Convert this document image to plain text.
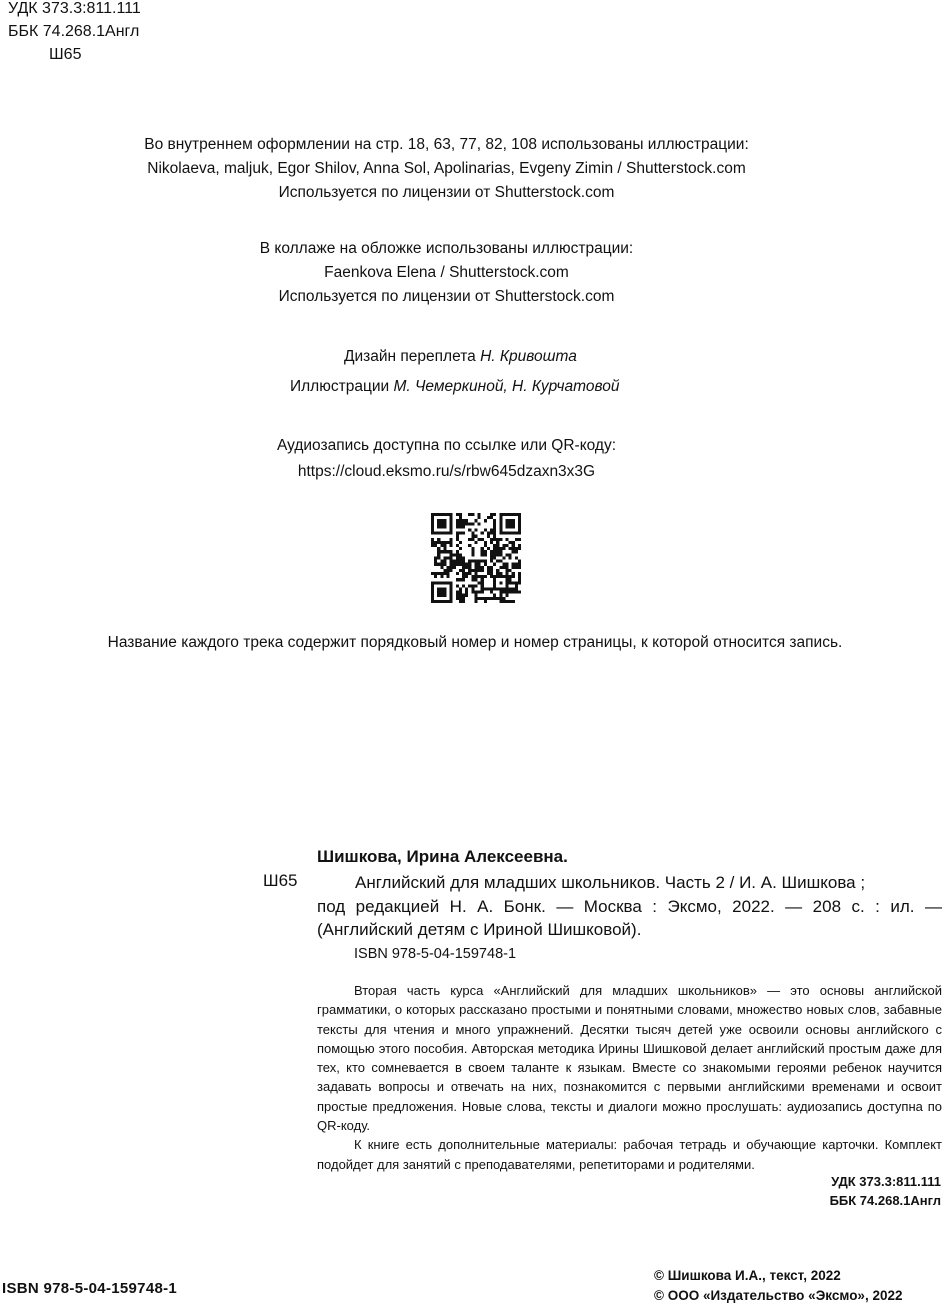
УДК 373.3:811.111
ББК 74.268.1Англ
Ш65
Во внутреннем оформлении на стр. 18, 63, 77, 82, 108 использованы иллюстрации:
Nikolaeva, maljuk, Egor Shilov, Anna Sol, Apolinarias, Evgeny Zimin / Shutterstock.com
Используется по лицензии от Shutterstock.com
В коллаже на обложке использованы иллюстрации:
Faenkova Elena / Shutterstock.com
Используется по лицензии от Shutterstock.com
Дизайн переплета Н. Кривошта
Иллюстрации М. Чемеркиной, Н. Курчатовой
Аудиозапись доступна по ссылке или QR-коду:
https://cloud.eksmo.ru/s/rbw645dzaxn3x3G
Название каждого трека содержит порядковый номер и номер страницы, к которой относится запись.
Шишкова, Ирина Алексеевна.
Ш65	Английский для младших школьников. Часть 2 / И. А. Шишкова ;
под редакцией Н. А. Бонк. — Москва : Эксмо, 2022. — 208 с. : ил. — (Английский детям с Ириной Шишковой).
ISBN 978-5-04-159748-1

Вторая часть курса «Английский для младших школьников» — это основы английской грамматики, о которых рассказано простыми и понятными словами, множество новых слов, забавные тексты для чтения и много упражнений. Десятки тысяч детей уже освоили основы английского с помощью этого пособия. Авторская методика Ирины Шишковой делает английский простым даже для тех, кто сомневается в своем таланте к языкам. Вместе со знакомыми героями ребенок научится задавать вопросы и отвечать на них, познакомится с первыми английскими временами и освоит простые предложения. Новые слова, тексты и диалоги можно прослушать: аудиозапись доступна по QR-коду.

К книге есть дополнительные материалы: рабочая тетрадь и обучающие карточки. Комплект подойдет для занятий с преподавателями, репетиторами и родителями.

УДК 373.3:811.111
ББК 74.268.1Англ
ISBN 978-5-04-159748-1
© Шишкова И.А., текст, 2022
© ООО «Издательство «Эксмо», 2022
